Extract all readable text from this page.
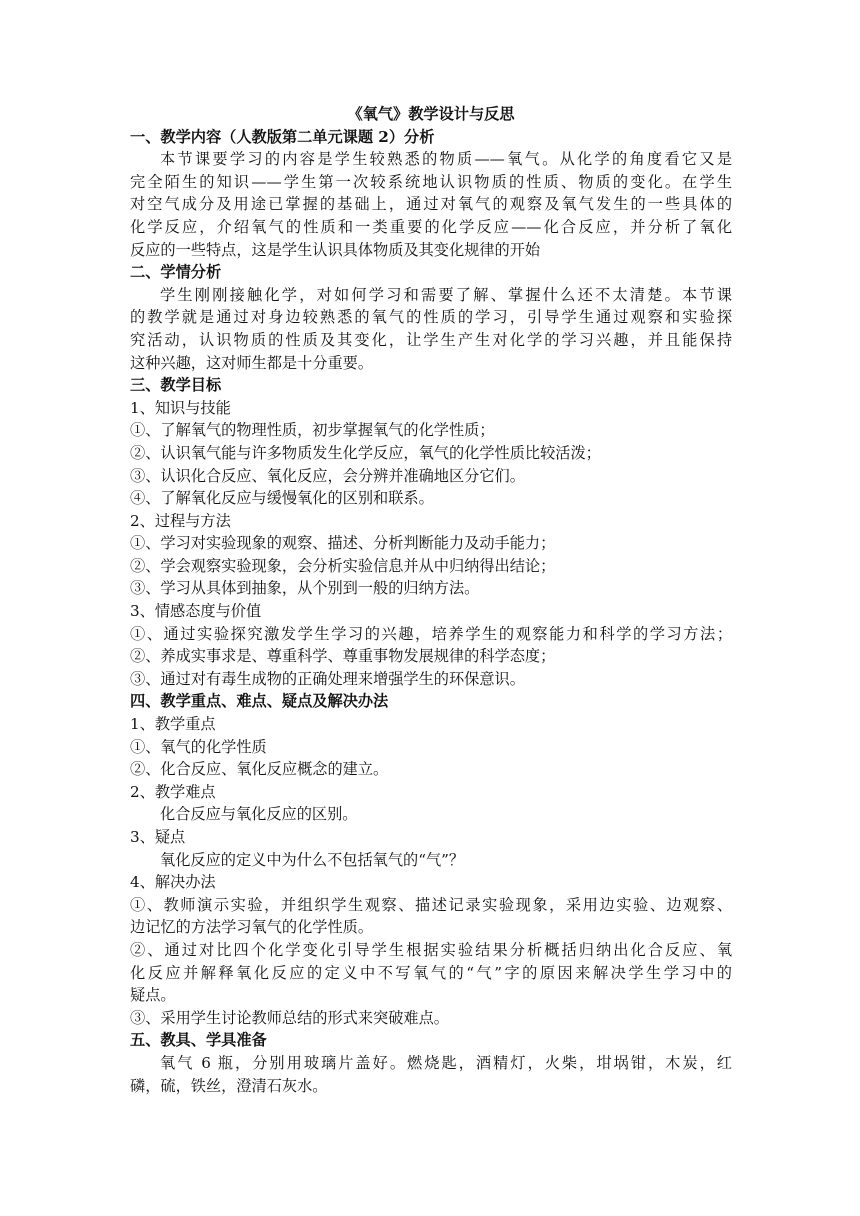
《氧气》教学设计与反思
一、教学内容（人教版第二单元课题 2）分析
本节课要学习的内容是学生较熟悉的物质——氧气。从化学的角度看它又是
完全陌生的知识——学生第一次较系统地认识物质的性质、物质的变化。在学生
对空气成分及用途已掌握的基础上，通过对氧气的观察及氧气发生的一些具体的
化学反应，介绍氧气的性质和一类重要的化学反应——化合反应，并分析了氧化
反应的一些特点，这是学生认识具体物质及其变化规律的开始
二、学情分析
学生刚刚接触化学，对如何学习和需要了解、掌握什么还不太清楚。本节课
的教学就是通过对身边较熟悉的氧气的性质的学习，引导学生通过观察和实验探
究活动，认识物质的性质及其变化，让学生产生对化学的学习兴趣，并且能保持
这种兴趣，这对师生都是十分重要。
三、教学目标
1、知识与技能
①、了解氧气的物理性质，初步掌握氧气的化学性质；
②、认识氧气能与许多物质发生化学反应，氧气的化学性质比较活泼；
③、认识化合反应、氧化反应，会分辨并准确地区分它们。
④、了解氧化反应与缓慢氧化的区别和联系。
2、过程与方法
①、学习对实验现象的观察、描述、分析判断能力及动手能力；
②、学会观察实验现象，会分析实验信息并从中归纳得出结论；
③、学习从具体到抽象，从个别到一般的归纳方法。
3、情感态度与价值
①、通过实验探究激发学生学习的兴趣，培养学生的观察能力和科学的学习方法；
②、养成实事求是、尊重科学、尊重事物发展规律的科学态度；
③、通过对有毒生成物的正确处理来增强学生的环保意识。
四、教学重点、难点、疑点及解决办法
1、教学重点
①、氧气的化学性质
②、化合反应、氧化反应概念的建立。
2、教学难点
化合反应与氧化反应的区别。
3、疑点
氧化反应的定义中为什么不包括氧气的“气”？
4、解决办法
①、教师演示实验，并组织学生观察、描述记录实验现象，采用边实验、边观察、
边记忆的方法学习氧气的化学性质。
②、通过对比四个化学变化引导学生根据实验结果分析概括归纳出化合反应、氧
化反应并解释氧化反应的定义中不写氧气的“气”字的原因来解决学生学习中的
疑点。
③、采用学生讨论教师总结的形式来突破难点。
五、教具、学具准备
氧气 6 瓶，分别用玻璃片盖好。燃烧匙，酒精灯，火柴，坩埚钳，木炭，红
磷，硫，铁丝，澄清石灰水。
